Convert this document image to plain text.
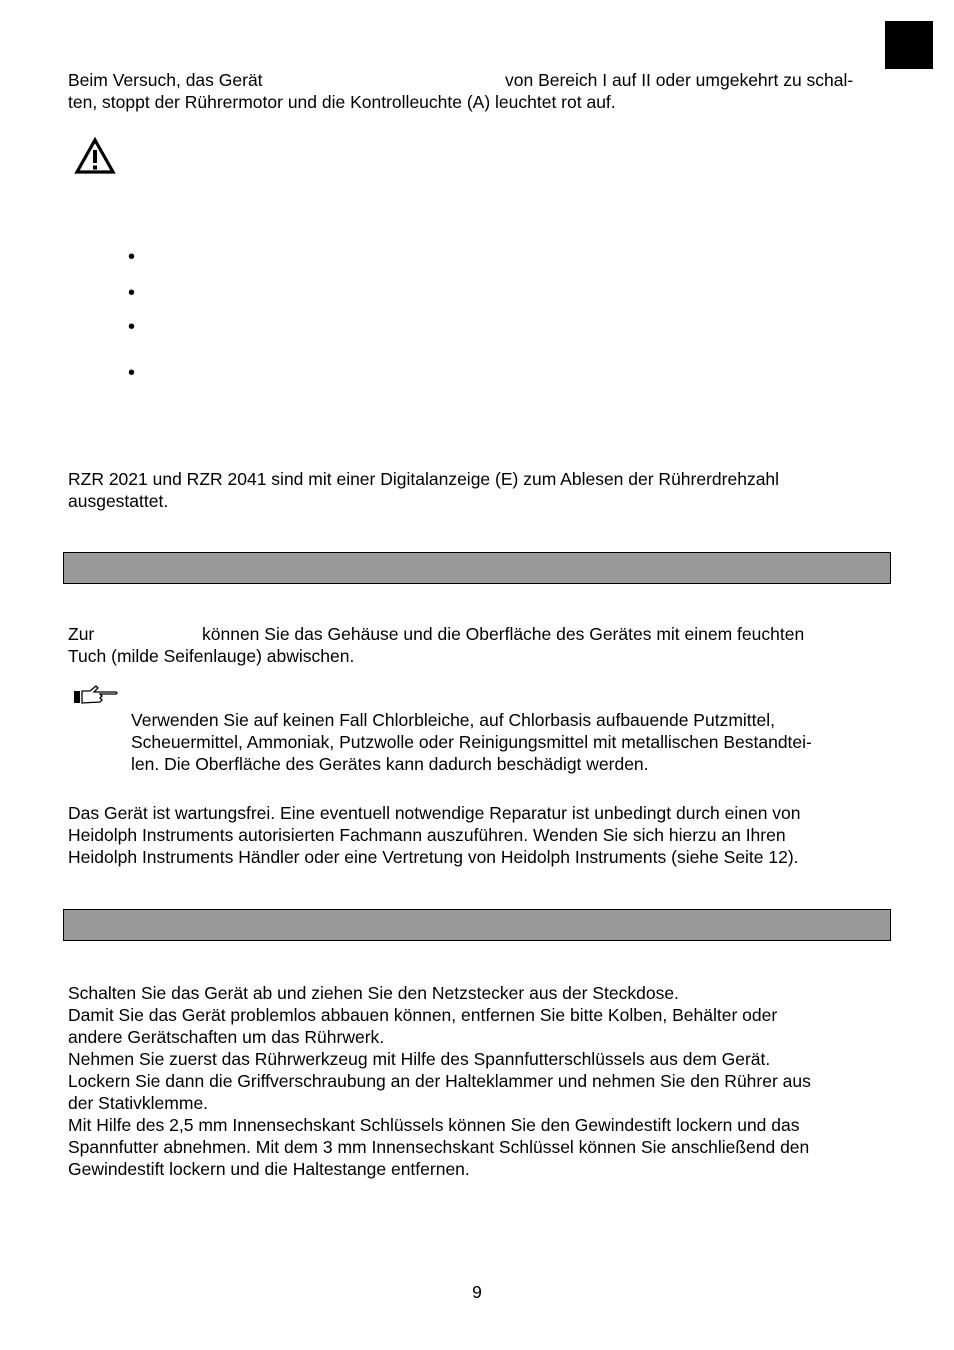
Beim Versuch, das Gerät	von Bereich I auf II oder umgekehrt zu schal-
ten, stoppt der Rührermotor und die Kontrolleuchte (A) leuchtet rot auf.
•
•
•
•
RZR 2021 und RZR 2041 sind mit einer Digitalanzeige (E) zum Ablesen der Rührerdrehzahl
ausgestattet.
Zur	können Sie das Gehäuse und die Oberfläche des Gerätes mit einem feuchten
Tuch (milde Seifenlauge) abwischen.
Verwenden Sie auf keinen Fall Chlorbleiche, auf Chlorbasis aufbauende Putzmittel,
Scheuermittel, Ammoniak, Putzwolle oder Reinigungsmittel mit metallischen Bestandtei-
len. Die Oberfläche des Gerätes kann dadurch beschädigt werden.
Das Gerät ist wartungsfrei. Eine eventuell notwendige Reparatur ist unbedingt durch einen von
Heidolph Instruments autorisierten Fachmann auszuführen. Wenden Sie sich hierzu an Ihren
Heidolph Instruments Händler oder eine Vertretung von Heidolph Instruments (siehe Seite 12).
Schalten Sie das Gerät ab und ziehen Sie den Netzstecker aus der Steckdose.
Damit Sie das Gerät problemlos abbauen können, entfernen Sie bitte Kolben, Behälter oder
andere Gerätschaften um das Rührwerk.
Nehmen Sie zuerst das Rührwerkzeug mit Hilfe des Spannfutterschlüssels aus dem Gerät.
Lockern Sie dann die Griffverschraubung an der Halteklammer und nehmen Sie den Rührer aus
der Stativklemme.
Mit Hilfe des 2,5 mm Innensechskant Schlüssels können Sie den Gewindestift lockern und das
Spannfutter abnehmen. Mit dem 3 mm Innensechskant Schlüssel können Sie anschließend den
Gewindestift lockern und die Haltestange entfernen.
9
